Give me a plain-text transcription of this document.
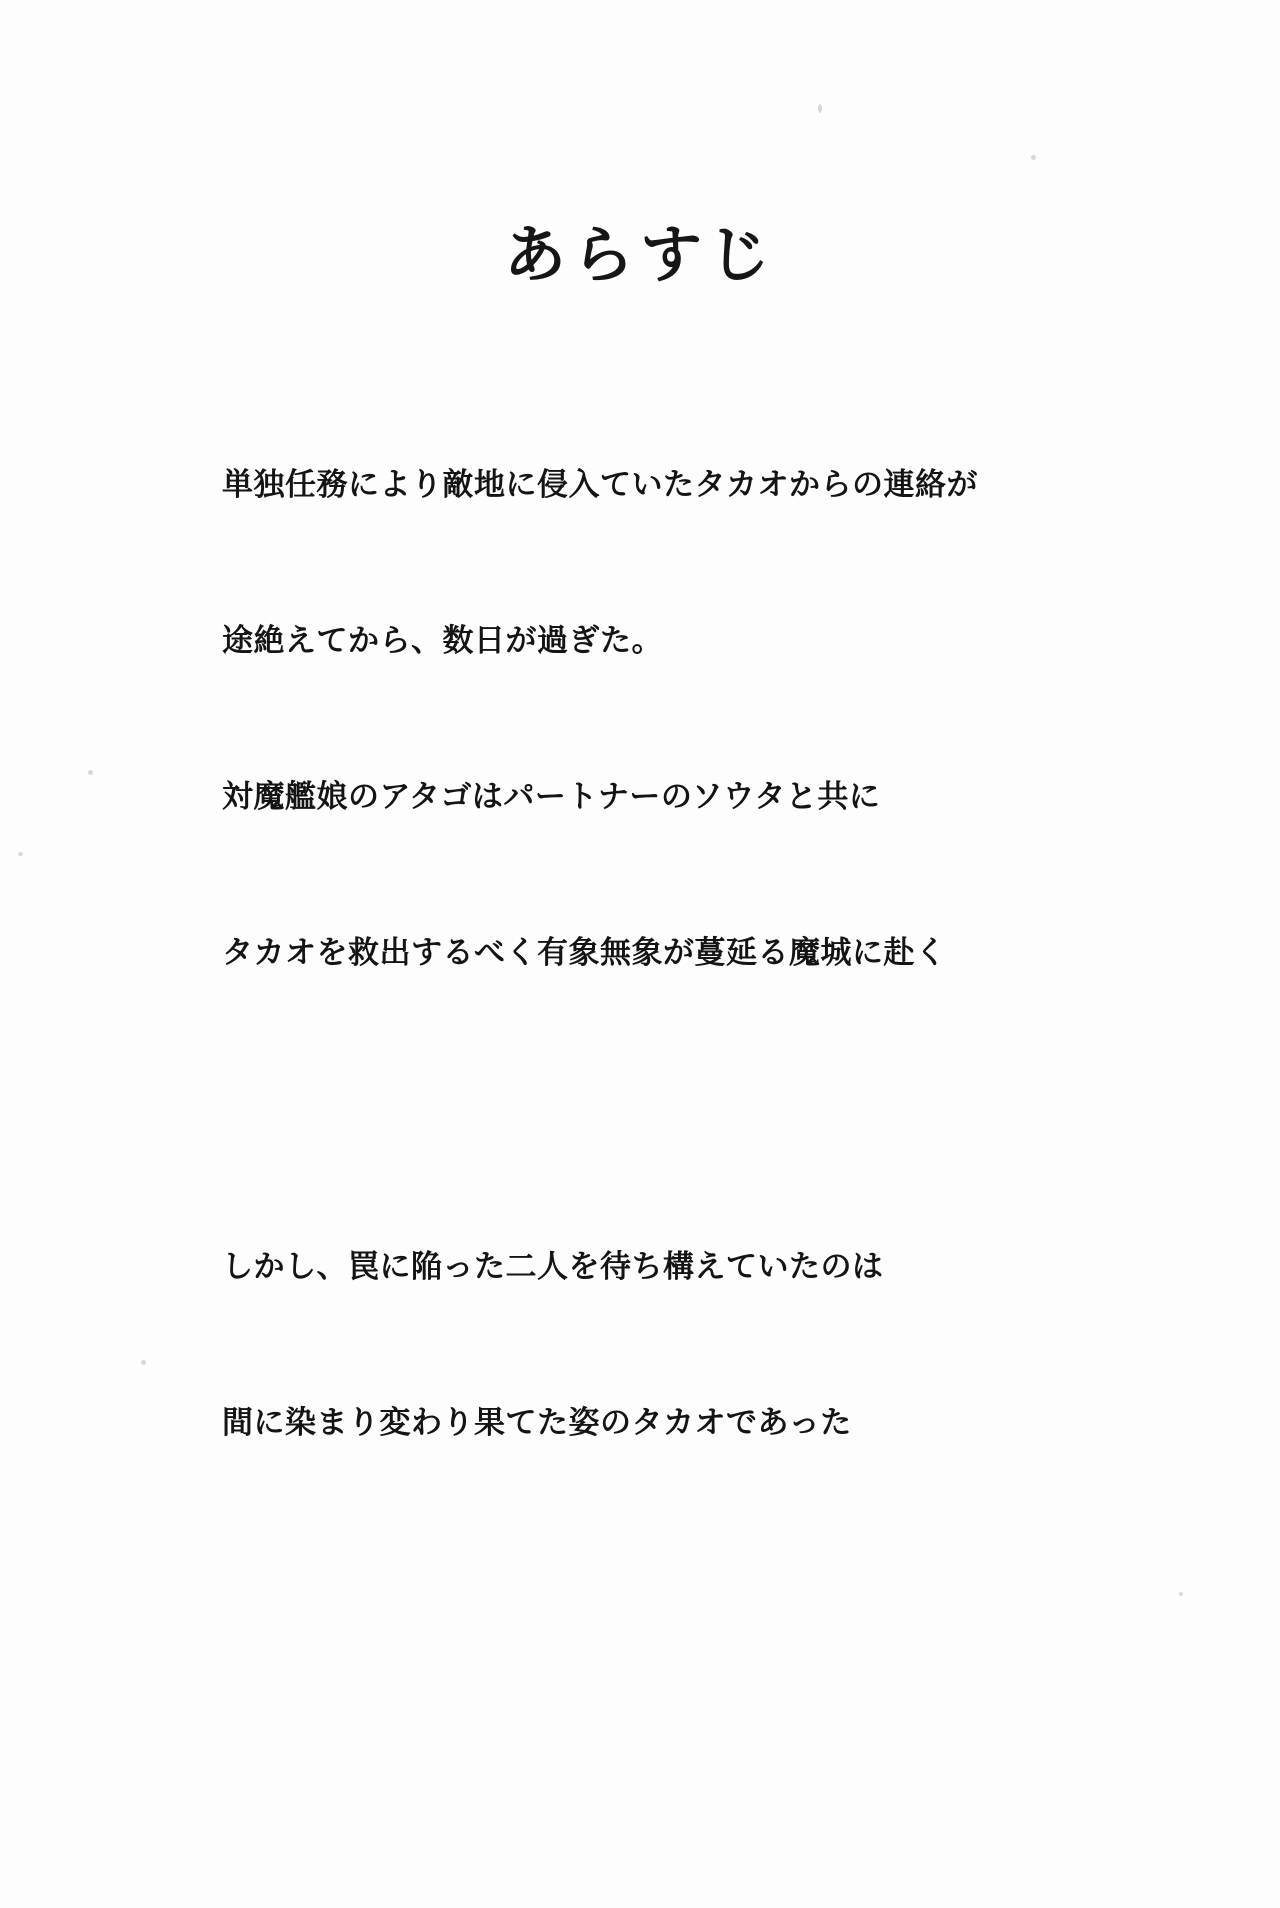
あらすじ

単独任務により敵地に侵入ていたタカオからの連絡が

途絶えてから、数日が過ぎた。

対魔艦娘のアタゴはパートナーのソウタと共に

タカオを救出するべく有象無象が蔓延る魔城に赴く

しかし、罠に陥った二人を待ち構えていたのは

間に染まり変わり果てた姿のタカオであった
